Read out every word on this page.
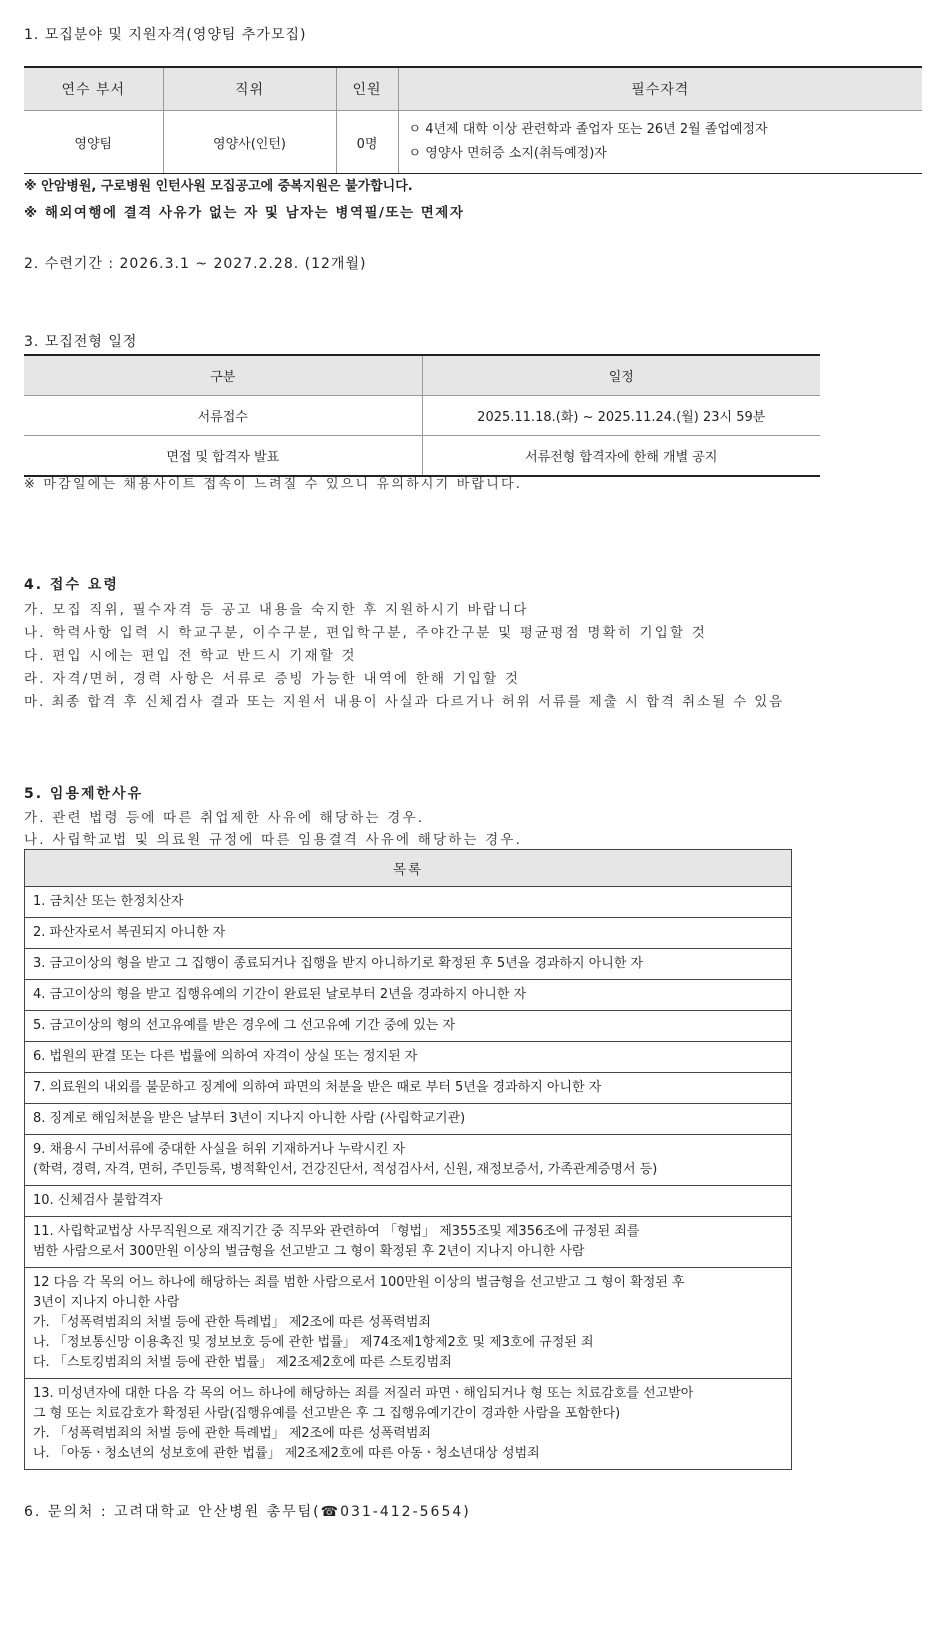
1. 모집분야 및 지원자격(영양팀 추가모집)
연수 부서	직위	인원	필수자격
영양팀	영양사(인턴)	0명	ㅇ 4년제 대학 이상 관련학과 졸업자 또는 26년 2월 졸업예정자
ㅇ 영양사 면허증 소지(취득예정)자
※ 안암병원, 구로병원 인턴사원 모집공고에 중복지원은 불가합니다.
※ 해외여행에 결격 사유가 없는 자 및 남자는 병역필/또는 면제자
2. 수련기간 : 2026.3.1 ~ 2027.2.28. (12개월)
3. 모집전형 일정
구분	일정
서류접수	2025.11.18.(화) ~ 2025.11.24.(월) 23시 59분
면접 및 합격자 발표	서류전형 합격자에 한해 개별 공지
※ 마감일에는 채용사이트 접속이 느려질 수 있으니 유의하시기 바랍니다.
4. 접수 요령
가. 모집 직위, 필수자격 등 공고 내용을 숙지한 후 지원하시기 바랍니다
나. 학력사항 입력 시 학교구분, 이수구분, 편입학구분, 주야간구분 및 평균평점 명확히 기입할 것
다. 편입 시에는 편입 전 학교 반드시 기재할 것
라. 자격/면허, 경력 사항은 서류로 증빙 가능한 내역에 한해 기입할 것
마. 최종 합격 후 신체검사 결과 또는 지원서 내용이 사실과 다르거나 허위 서류를 제출 시 합격 취소될 수 있음
5. 임용제한사유
가. 관련 법령 등에 따른 취업제한 사유에 해당하는 경우.
나. 사립학교법 및 의료원 규정에 따른 임용결격 사유에 해당하는 경우.
목록

1. 금치산 또는 한정치산자

2. 파산자로서 복권되지 아니한 자

3. 금고이상의 형을 받고 그 집행이 종료되거나 집행을 받지 아니하기로 확정된 후 5년을 경과하지 아니한 자

4. 금고이상의 형을 받고 집행유예의 기간이 완료된 날로부터 2년을 경과하지 아니한 자

5. 금고이상의 형의 선고유예를 받은 경우에 그 선고유예 기간 중에 있는 자

6. 법원의 판결 또는 다른 법률에 의하여 자격이 상실 또는 정지된 자

7. 의료원의 내외를 불문하고 징계에 의하여 파면의 처분을 받은 때로 부터 5년을 경과하지 아니한 자

8. 징계로 해임처분을 받은 날부터 3년이 지나지 아니한 사람 (사립학교기관)

9. 채용시 구비서류에 중대한 사실을 허위 기재하거나 누락시킨 자
(학력, 경력, 자격, 면허, 주민등록, 병적확인서, 건강진단서, 적성검사서, 신원, 재정보증서, 가족관계증명서 등)

10. 신체검사 불합격자

11. 사립학교법상 사무직원으로 재직기간 중 직무와 관련하여 「형법」 제355조및 제356조에 규정된 죄를
범한 사람으로서 300만원 이상의 벌금형을 선고받고 그 형이 확정된 후 2년이 지나지 아니한 사람

12 다음 각 목의 어느 하나에 해당하는 죄를 범한 사람으로서 100만원 이상의 벌금형을 선고받고 그 형이 확정된 후
3년이 지나지 아니한 사람
가. 「성폭력범죄의 처벌 등에 관한 특례법」 제2조에 따른 성폭력범죄
나. 「정보통신망 이용촉진 및 정보보호 등에 관한 법률」 제74조제1항제2호 및 제3호에 규정된 죄
다. 「스토킹범죄의 처벌 등에 관한 법률」 제2조제2호에 따른 스토킹범죄

13. 미성년자에 대한 다음 각 목의 어느 하나에 해당하는 죄를 저질러 파면ㆍ해임되거나 형 또는 치료감호를 선고받아
그 형 또는 치료감호가 확정된 사람(집행유예를 선고받은 후 그 집행유예기간이 경과한 사람을 포함한다)
가. 「성폭력범죄의 처벌 등에 관한 특례법」 제2조에 따른 성폭력범죄
나. 「아동ㆍ청소년의 성보호에 관한 법률」 제2조제2호에 따른 아동ㆍ청소년대상 성범죄
6. 문의처 : 고려대학교 안산병원 총무팀(☎031-412-5654)
